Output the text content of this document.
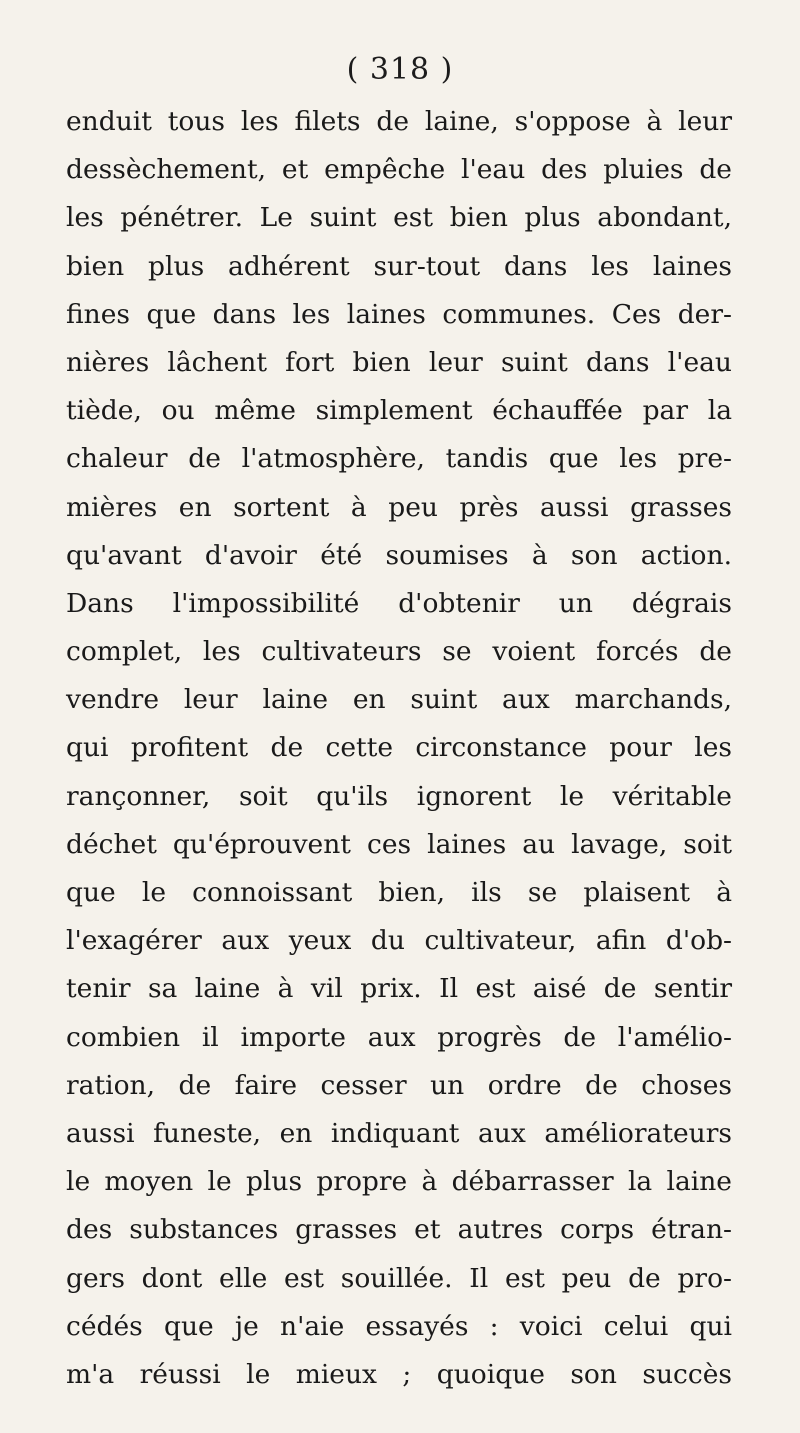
( 318 )
enduit tous les filets de laine, s'oppose à leur
dessèchement, et empêche l'eau des pluies de
les pénétrer. Le suint est bien plus abondant,
bien plus adhérent sur-tout dans les laines
fines que dans les laines communes. Ces der-
nières lâchent fort bien leur suint dans l'eau
tiède, ou même simplement échauffée par la
chaleur de l'atmosphère, tandis que les pre-
mières en sortent à peu près aussi grasses
qu'avant d'avoir été soumises à son action.
Dans l'impossibilité d'obtenir un dégrais
complet, les cultivateurs se voient forcés de
vendre leur laine en suint aux marchands,
qui profitent de cette circonstance pour les
rançonner, soit qu'ils ignorent le véritable
déchet qu'éprouvent ces laines au lavage, soit
que le connoissant bien, ils se plaisent à
l'exagérer aux yeux du cultivateur, afin d'ob-
tenir sa laine à vil prix. Il est aisé de sentir
combien il importe aux progrès de l'amélio-
ration, de faire cesser un ordre de choses
aussi funeste, en indiquant aux améliorateurs
le moyen le plus propre à débarrasser la laine
des substances grasses et autres corps étran-
gers dont elle est souillée. Il est peu de pro-
cédés que je n'aie essayés : voici celui qui
m'a réussi le mieux ; quoique son succès
